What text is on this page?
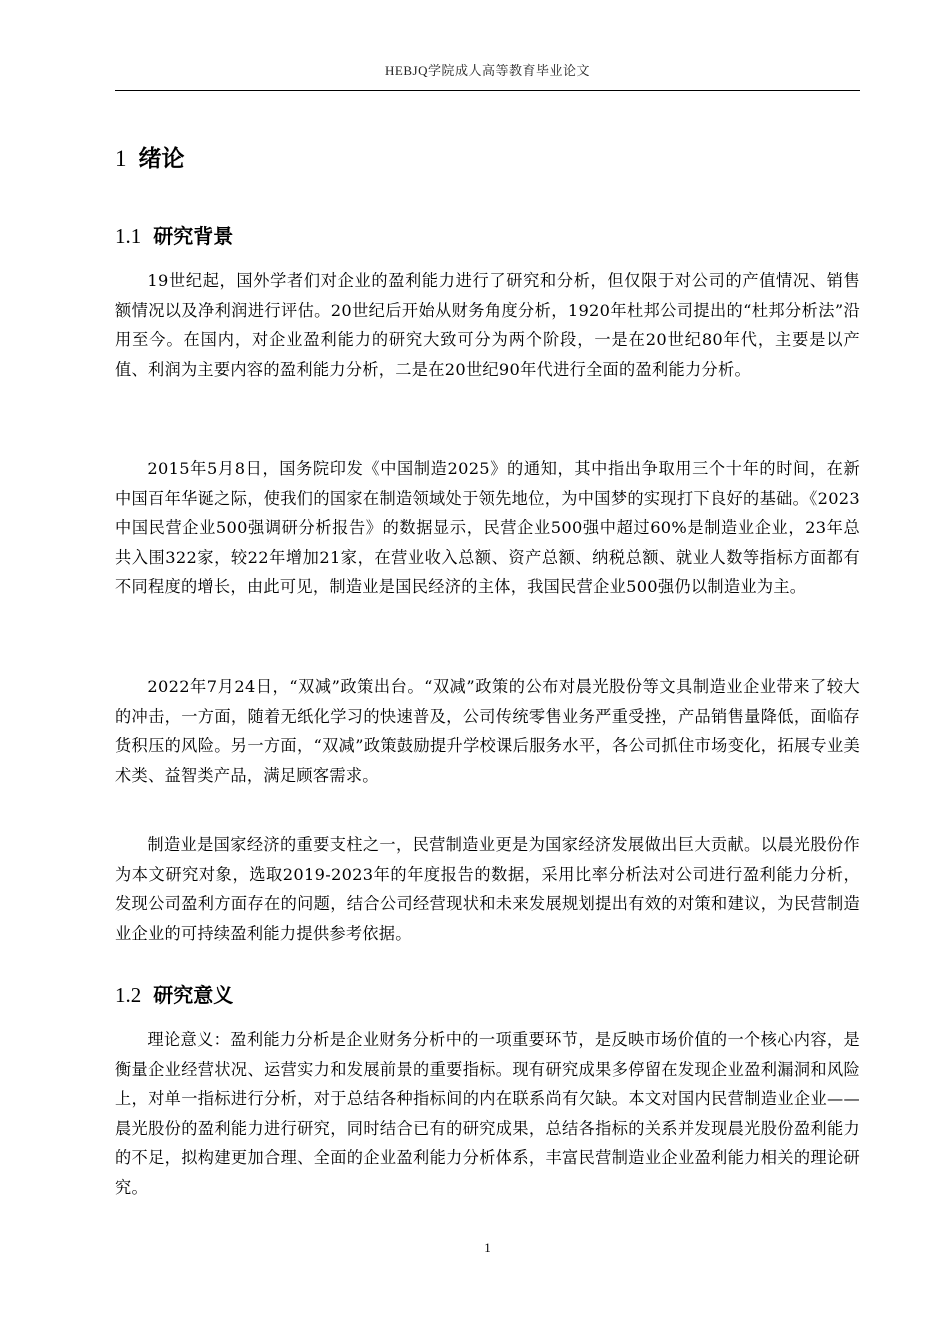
HEBJQ学院成人高等教育毕业论文
1 绪论
1.1 研究背景

19世纪起，国外学者们对企业的盈利能力进行了研究和分析，但仅限于对公司的产值情况、销售额情况以及净利润进行评估。20世纪后开始从财务角度分析，1920年杜邦公司提出的“杜邦分析法”沿用至今。在国内，对企业盈利能力的研究大致可分为两个阶段，一是在20世纪80年代，主要是以产值、利润为主要内容的盈利能力分析，二是在20世纪90年代进行全面的盈利能力分析。

2015年5月8日，国务院印发《中国制造2025》的通知，其中指出争取用三个十年的时间，在新中国百年华诞之际，使我们的国家在制造领域处于领先地位，为中国梦的实现打下良好的基础。《2023中国民营企业500强调研分析报告》的数据显示，民营企业500强中超过60%是制造业企业，23年总共入围322家，较22年增加21家，在营业收入总额、资产总额、纳税总额、就业人数等指标方面都有不同程度的增长，由此可见，制造业是国民经济的主体，我国民营企业500强仍以制造业为主。

2022年7月24日，“双减”政策出台。“双减”政策的公布对晨光股份等文具制造业企业带来了较大的冲击，一方面，随着无纸化学习的快速普及，公司传统零售业务严重受挫，产品销售量降低，面临存货积压的风险。另一方面，“双减”政策鼓励提升学校课后服务水平，各公司抓住市场变化，拓展专业美术类、益智类产品，满足顾客需求。

制造业是国家经济的重要支柱之一，民营制造业更是为国家经济发展做出巨大贡献。以晨光股份作为本文研究对象，选取2019-2023年的年度报告的数据，采用比率分析法对公司进行盈利能力分析，发现公司盈利方面存在的问题，结合公司经营现状和未来发展规划提出有效的对策和建议，为民营制造业企业的可持续盈利能力提供参考依据。

1.2 研究意义

理论意义：盈利能力分析是企业财务分析中的一项重要环节，是反映市场价值的一个核心内容，是衡量企业经营状况、运营实力和发展前景的重要指标。现有研究成果多停留在发现企业盈利漏洞和风险上，对单一指标进行分析，对于总结各种指标间的内在联系尚有欠缺。本文对国内民营制造业企业——晨光股份的盈利能力进行研究，同时结合已有的研究成果，总结各指标的关系并发现晨光股份盈利能力的不足，拟构建更加合理、全面的企业盈利能力分析体系，丰富民营制造业企业盈利能力相关的理论研究。

1
